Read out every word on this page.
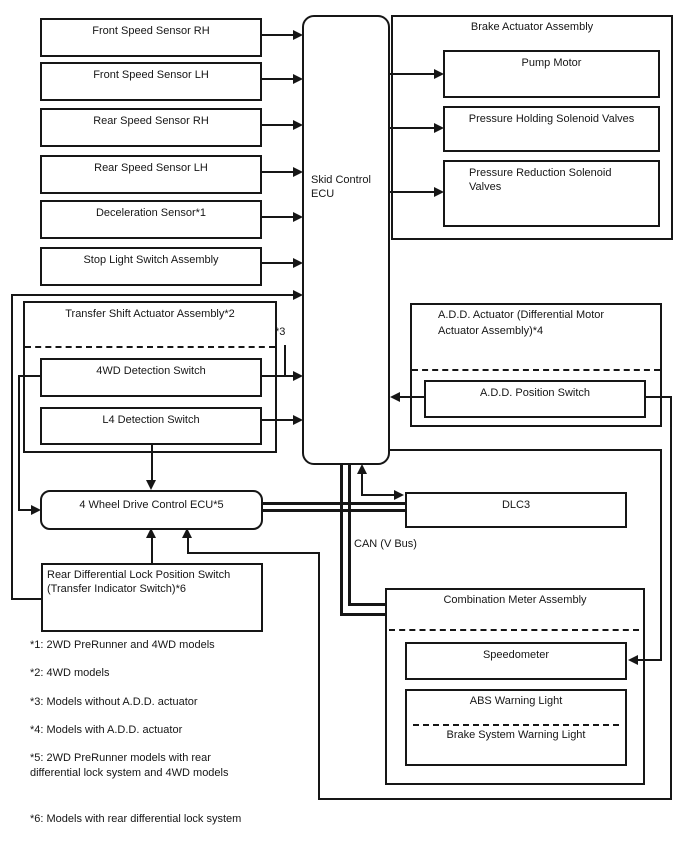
Brake Actuator Assembly
Transfer Shift Actuator Assembly*2	A.D.D. Actuator (Differential Motor Actuator Assembly)*4
Combination Meter Assembly
Front Speed Sensor RH
Front Speed Sensor LH
Rear Speed Sensor RH
Rear Speed Sensor LH
Deceleration Sensor*1
Stop Light Switch Assembly
Skid Control ECU
Pump Motor
Pressure Holding Solenoid Valves
Pressure Reduction Solenoid Valves
4WD Detection Switch
L4 Detection Switch
A.D.D. Position Switch
4 Wheel Drive Control ECU*5	DLC3
Rear Differential Lock Position Switch (Transfer Indicator Switch)*6
Speedometer
ABS Warning Light
Brake System Warning Light
*3
CAN (V Bus)
*1: 2WD PreRunner and 4WD models
*2: 4WD models
*3: Models without A.D.D. actuator
*4: Models with A.D.D. actuator
*5: 2WD PreRunner models with rear differential lock system and 4WD models
*6: Models with rear differential lock system
